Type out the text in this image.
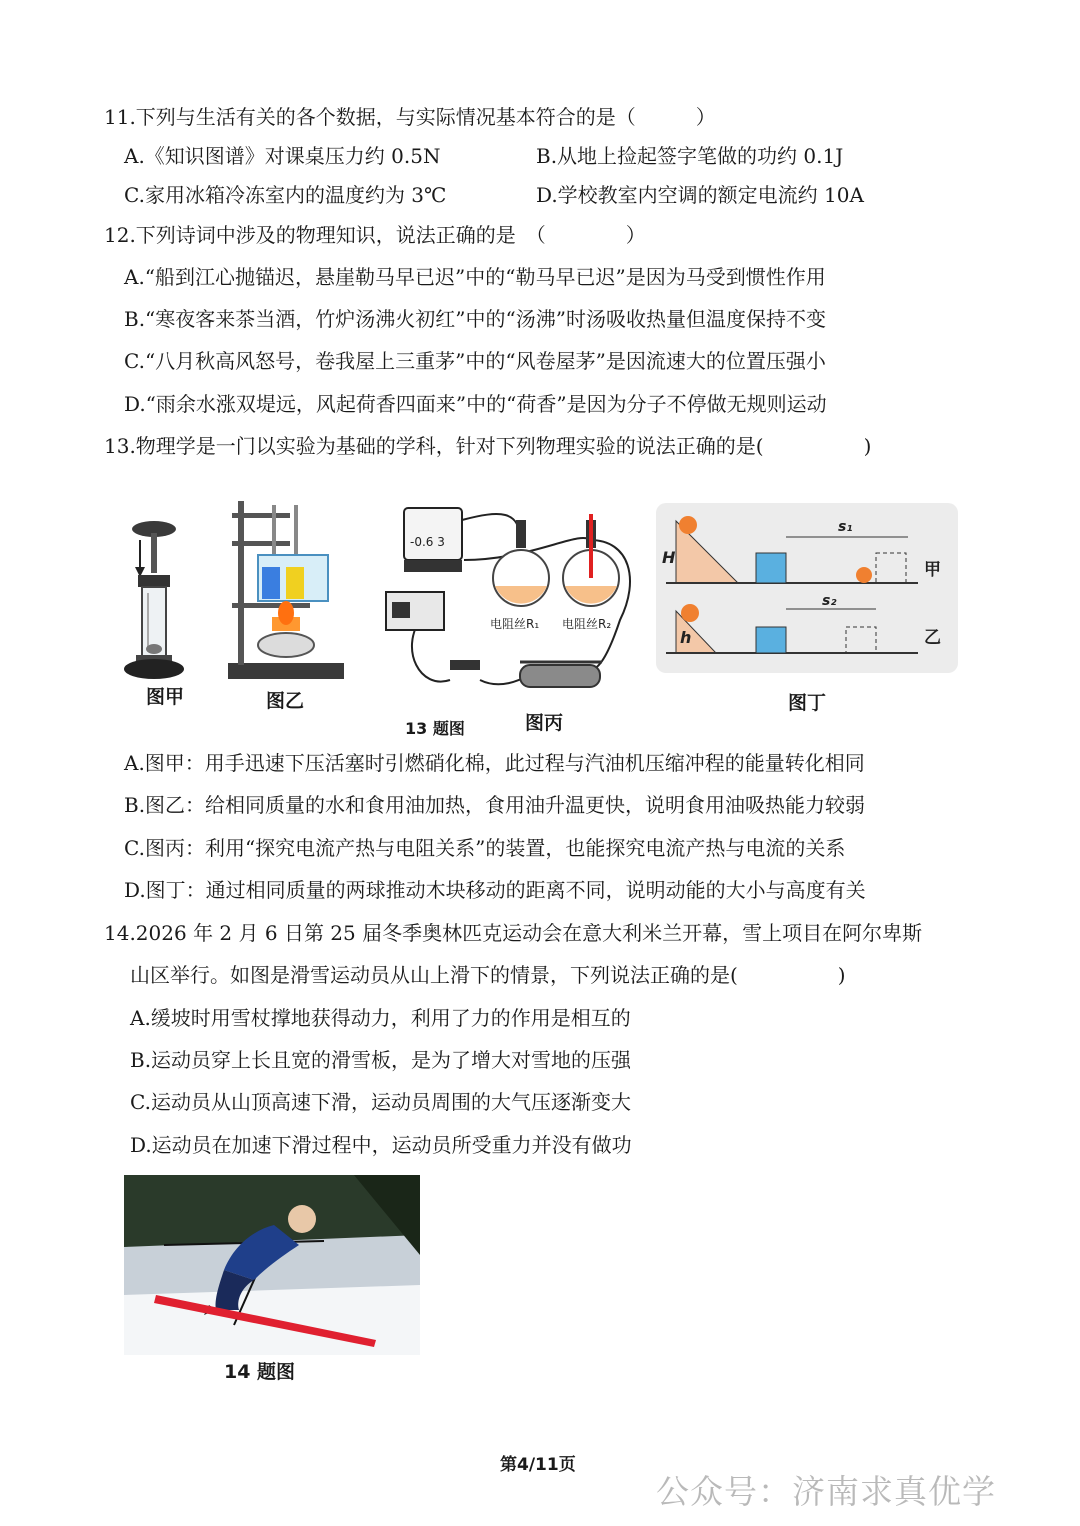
11.下列与生活有关的各个数据，与实际情况基本符合的是（　　　）
A.《知识图谱》对课桌压力约 0.5N	B.从地上捡起签字笔做的功约 0.1J
C.家用冰箱冷冻室内的温度约为 3℃	D.学校教室内空调的额定电流约 10A
12.下列诗词中涉及的物理知识，说法正确的是　（　　　　）
A.“船到江心抛锚迟，悬崖勒马早已迟”中的“勒马早已迟”是因为马受到惯性作用
B.“寒夜客来茶当酒，竹炉汤沸火初红”中的“汤沸”时汤吸收热量但温度保持不变
C.“八月秋高风怒号，卷我屋上三重茅”中的“风卷屋茅”是因流速大的位置压强小
D.“雨余水涨双堤远，风起荷香四面来”中的“荷香”是因为分子不停做无规则运动
13.物理学是一门以实验为基础的学科，针对下列物理实验的说法正确的是(　　　　　)
图甲	图乙
-0.6 3
电阻丝R₁ 电阻丝R₂
13 题图	图丙
H
s₁
甲
h
s₂
乙
图丁
A.图甲：用手迅速下压活塞时引燃硝化棉，此过程与汽油机压缩冲程的能量转化相同
B.图乙：给相同质量的水和食用油加热，食用油升温更快，说明食用油吸热能力较弱
C.图丙：利用“探究电流产热与电阻关系”的装置，也能探究电流产热与电流的关系
D.图丁：通过相同质量的两球推动木块移动的距离不同，说明动能的大小与高度有关
14.2026 年 2 月 6 日第 25 届冬季奥林匹克运动会在意大利米兰开幕，雪上项目在阿尔卑斯
山区举行。如图是滑雪运动员从山上滑下的情景，下列说法正确的是(　　　　　)
A.缓坡时用雪杖撑地获得动力，利用了力的作用是相互的
B.运动员穿上长且宽的滑雪板，是为了增大对雪地的压强
C.运动员从山顶高速下滑，运动员周围的大气压逐渐变大
D.运动员在加速下滑过程中，运动员所受重力并没有做功
14 题图
第4/11页
公众号：济南求真优学
